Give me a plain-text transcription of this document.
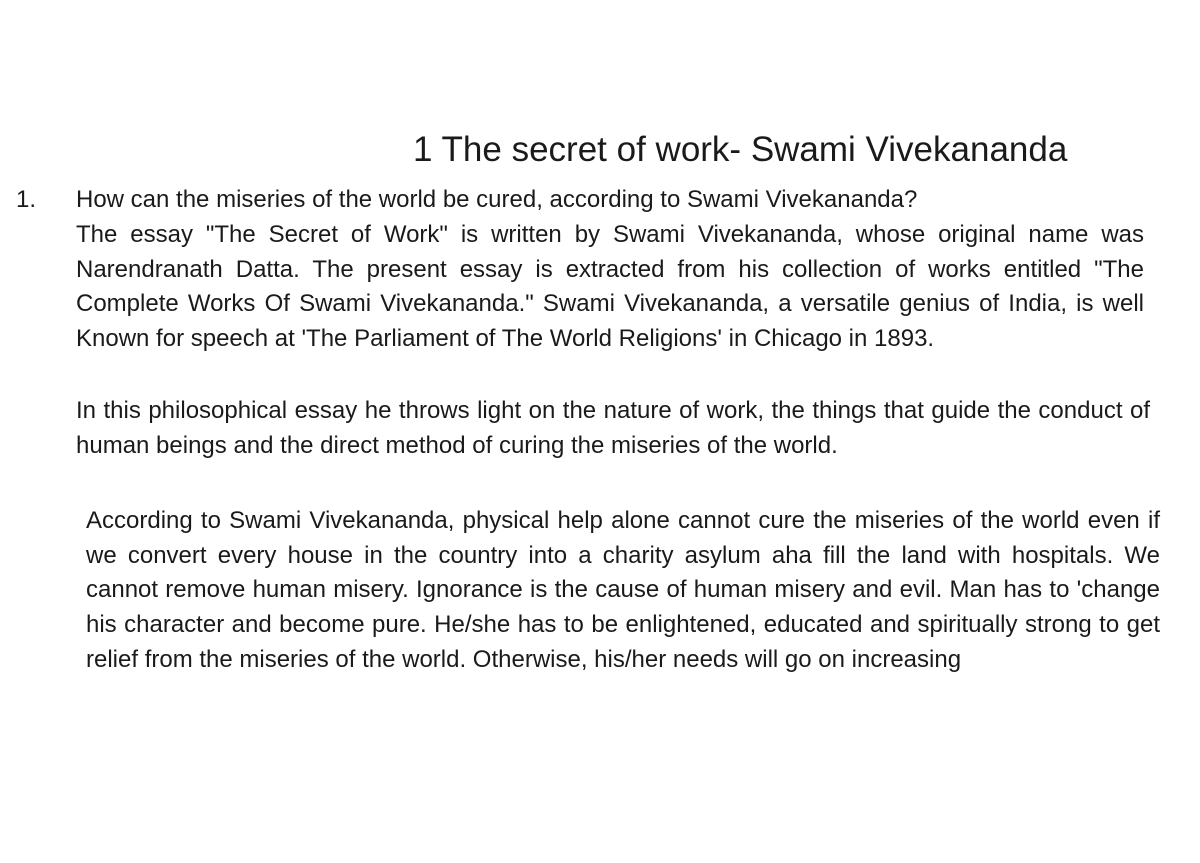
1 The secret of work- Swami Vivekananda
1. How can the miseries of the world be cured, according to Swami Vivekananda?

The essay "The Secret of Work" is written by Swami Vivekananda, whose original name was Narendranath Datta. The present essay is extracted from his collection of works entitled "The Complete Works Of Swami Vivekananda." Swami Vivekananda, a versatile genius of India, is well Known for speech at 'The Parliament of The World Religions' in Chicago in 1893.

In this philosophical essay he throws light on the nature of work, the things that guide the conduct of human beings and the direct method of curing the miseries of the world.

According to Swami Vivekananda, physical help alone cannot cure the miseries of the world even if we convert every house in the country into a charity asylum aha fill the land with hospitals. We cannot remove human misery. Ignorance is the cause of human misery and evil. Man has to 'change his character and become pure. He/she has to be enlightened, educated and spiritually strong to get relief from the miseries of the world. Otherwise, his/her needs will go on increasing
